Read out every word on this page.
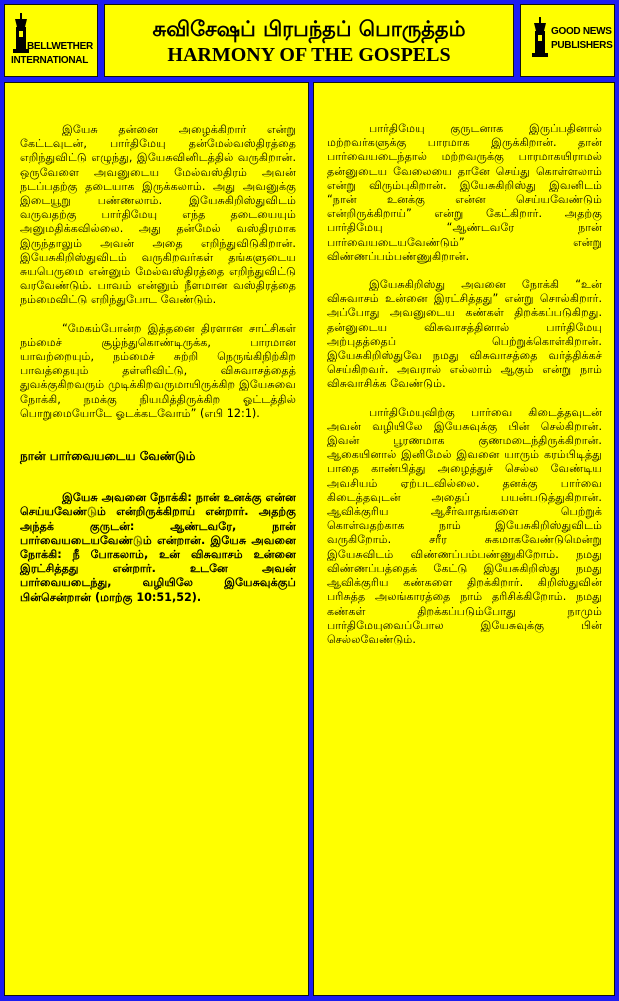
BELLWETHER
INTERNATIONAL
சுவிசேஷப் பிரபந்தப் பொருத்தம்
HARMONY OF THE GOSPELS
GOOD NEWS
PUBLISHERS

இயேசு தன்னை அழைக்கிறார் என்று கேட்டவுடன், பார்திமேயு தன்மேல்வஸ்திரத்தை எறிந்துவிட்டு எழுந்து, இயேசுவினிடத்தில் வருகிறான். ஒருவேளை அவனுடைய மேல்வஸ்திரம் அவன் நடப்பதற்கு தடையாக இருக்கலாம். அது அவனுக்கு இடையூறு பண்ணலாம். இயேசுகிறிஸ்துவிடம் வருவதற்கு பார்திமேயு எந்த தடையையும் அனுமதிக்கவில்லை. அது தன்மேல் வஸ்திரமாக இருந்தாலும் அவன் அதை எறிந்துவிடுகிறான். இயேசுகிறிஸ்துவிடம் வருகிறவர்கள் தங்களுடைய சுயபெருமை என்னும் மேல்வஸ்திரத்தை எறிந்துவிட்டு வரவேண்டும். பாவம் என்னும் நீளமான வஸ்திரத்தை நம்மைவிட்டு எறிந்துபோட வேண்டும்.

“மேகம்போன்ற இத்தனை திரளான சாட்சிகள் நம்மைச் சூழ்ந்துகொண்டிருக்க, பாரமான யாவற்றையும், நம்மைச் சுற்றி நெருங்கிநிற்கிற பாவத்தையும் தள்ளிவிட்டு, விசுவாசத்தைத் துவக்குகிறவரும் முடிக்கிறவருமாயிருக்கிற இயேசுவை நோக்கி, நமக்கு நியமித்திருக்கிற ஓட்டத்தில் பொறுமையோடே ஓடக்கடவோம்” (எபி 12:1).

நான் பார்வையடைய வேண்டும்

இயேசு அவனை நோக்கி: நான் உனக்கு என்ன செய்யவேண்டும் என்றிருக்கிறாய் என்றார். அதற்கு அந்தக் குருடன்: ஆண்டவரே, நான் பார்வையடையவேண்டும் என்றான். இயேசு அவனை நோக்கி: நீ போகலாம், உன் விசுவாசம் உன்னை இரட்சித்தது என்றார். உடனே அவன் பார்வையடைந்து, வழியிலே இயேசுவுக்குப் பின்சென்றான் (மாற்கு 10:51,52).

பார்திமேயு குருடனாக இருப்பதினால் மற்றவர்களுக்கு பாரமாக இருக்கிறான். தான் பார்வையடைந்தால் மற்றவருக்கு பாரமாகயிராமல் தன்னுடைய வேலையை தானே செய்து கொள்ளலாம் என்று விரும்புகிறான். இயேசுகிறிஸ்து இவனிடம் “நான் உனக்கு என்ன செய்யவேண்டும் என்றிருக்கிறாய்” என்று கேட்கிறார். அதற்கு பார்திமேயு “ஆண்டவரே நான் பார்வையடையவேண்டும்” என்று விண்ணப்பம்பண்ணுகிறான்.

இயேசுகிறிஸ்து அவனை நோக்கி “உன் விசுவாசம் உன்னை இரட்சித்தது” என்று சொல்கிறார். அப்போது அவனுடைய கண்கள் திறக்கப்படுகிறது. தன்னுடைய விசுவாசத்தினால் பார்திமேயு அற்புதத்தைப் பெற்றுக்கொள்கிறான். இயேசுகிறிஸ்துவே நமது விசுவாசத்தை வர்த்திக்கச் செய்கிறவர். அவரால் எல்லாம் ஆகும் என்று நாம் விசுவாசிக்க வேண்டும்.

பார்திமேயுவிற்கு பார்வை கிடைத்தவுடன் அவன் வழியிலே இயேசுவுக்கு பின் செல்கிறான். இவன் பூரணமாக குணமடைந்திருக்கிறான். ஆகையினால் இனிமேல் இவனை யாரும் கரம்பிடித்து பாதை காண்பித்து அழைத்துச் செல்ல வேண்டிய அவசியம் ஏற்படவில்லை. தனக்கு பார்வை கிடைத்தவுடன் அதைப் பயன்படுத்துகிறான். ஆவிக்குரிய ஆசீர்வாதங்களை பெற்றுக் கொள்வதற்காக நாம் இயேசுகிறிஸ்துவிடம் வருகிறோம். சரீர சுகமாகவேண்டுமென்று இயேசுவிடம் விண்ணப்பம்பண்ணுகிறோம். நமது விண்ணப்பத்தைக் கேட்டு இயேசுகிறிஸ்து நமது ஆவிக்குரிய கண்களை திறக்கிறார். கிறிஸ்துவின் பரிசுத்த அலங்காரத்தை நாம் தரிசிக்கிறோம். நமது கண்கள் திறக்கப்படும்போது நாமும் பார்திமேயுவைப்போல இயேசுவுக்கு பின் செல்லவேண்டும்.
